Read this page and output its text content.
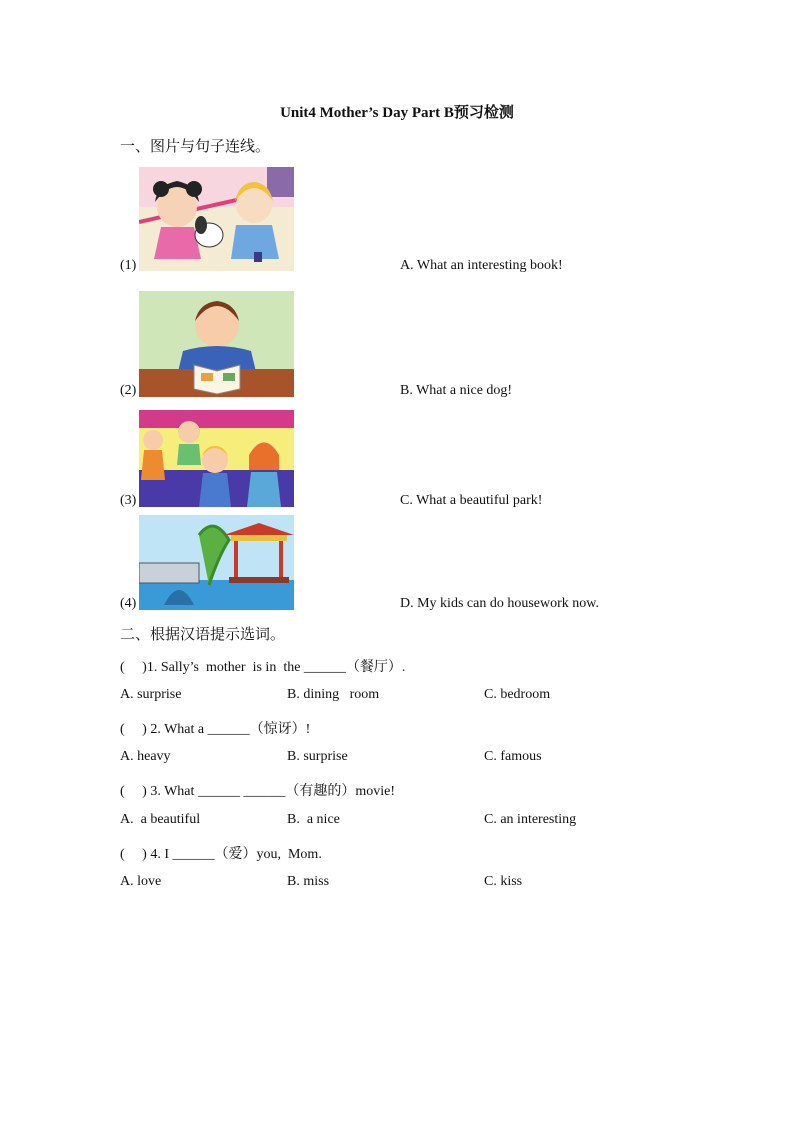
Unit4 Mother’s Day Part B预习检测
一、图片与句子连线。
(1)	A. What an interesting book!
(2)	B. What a nice dog!
(3)	C. What a beautiful park!
(4)	D. My kids can do housework now.
二、根据汉语提示选词。
(     )1. Sally’s  mother  is in  the ______（餐厅）.
A. surprise	B. dining   room	C. bedroom
(     ) 2. What a ______（惊讶）!
A. heavy	B. surprise	C. famous
(     ) 3. What ______ ______（有趣的）movie!
A.  a beautiful	B.  a nice	C. an interesting
(     ) 4. I ______（爱）you,  Mom.
A. love	B. miss	C. kiss
